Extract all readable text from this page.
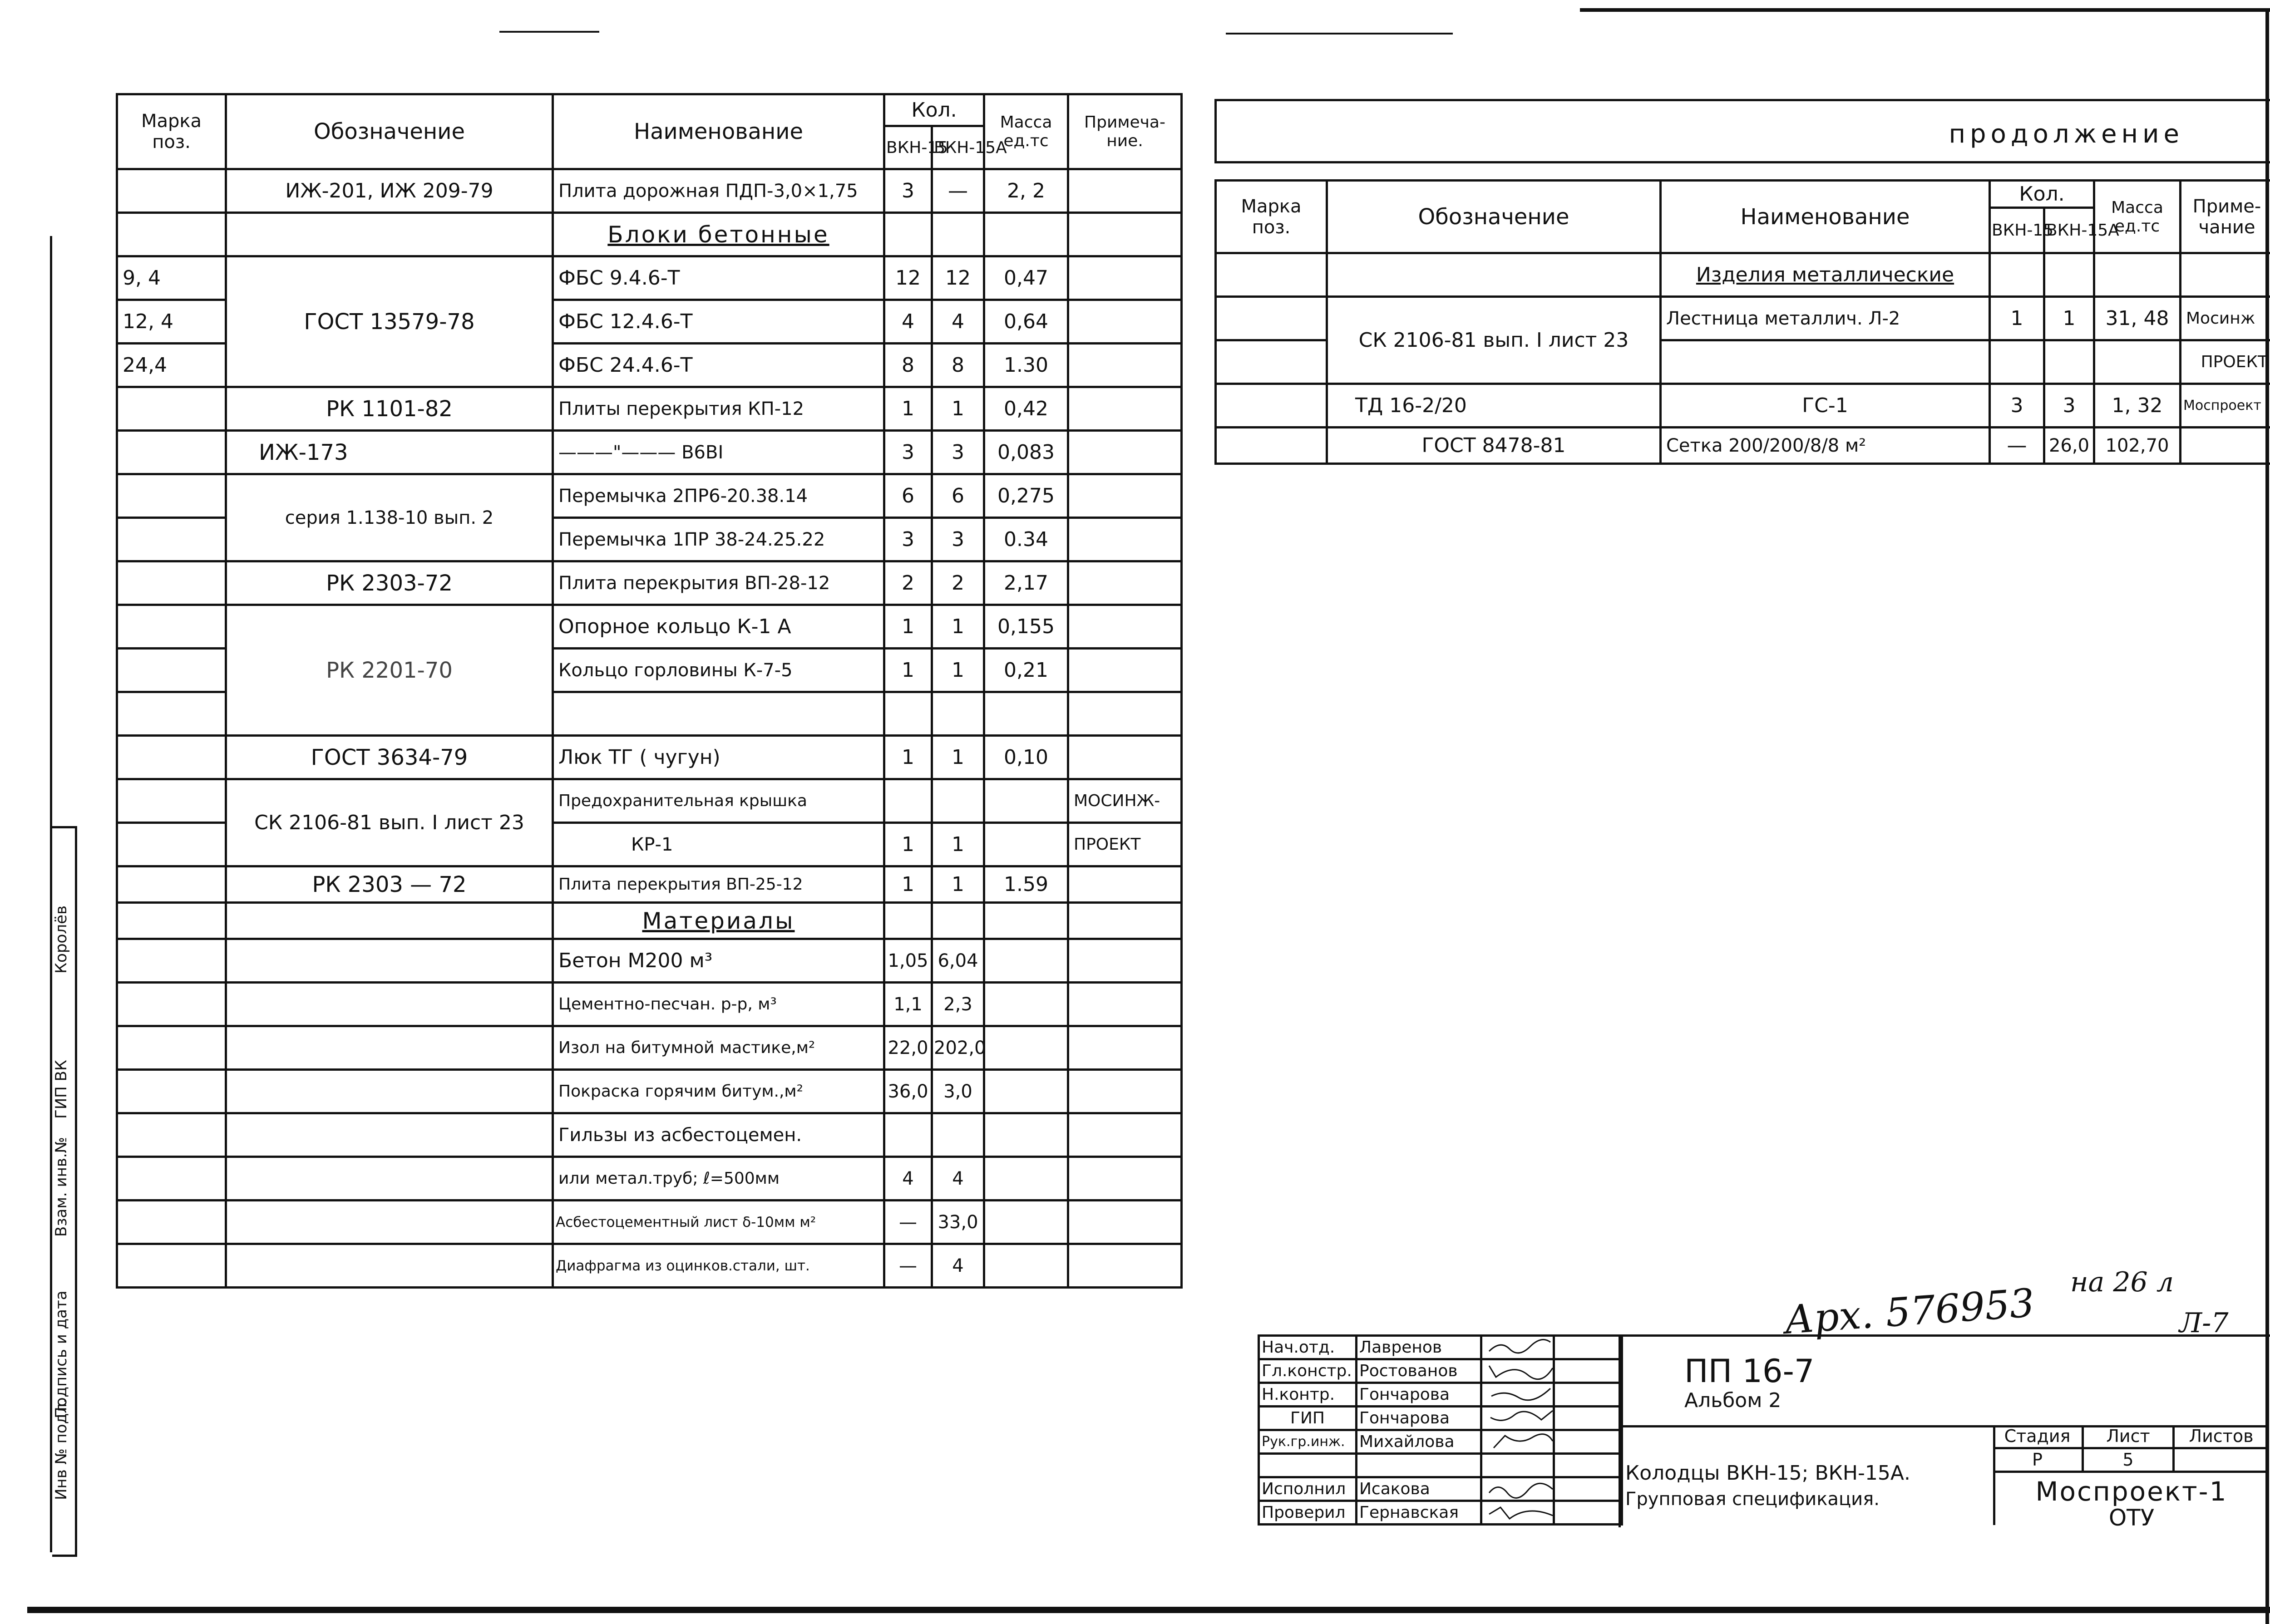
Инв № подл.
Подпись и дата
Взам. инв.№
ГИП ВК
Королёв
Марка поз.	Обозначение	Наименование	Кол.		Масса ед.тс	Примеча-ние.
			ВКН-15	ВКН-15А		
	ИЖ-201, ИЖ 209-79	Плита дорожная ПДП-3,0×1,75	3	—	2, 2	
		Блоки бетонные				
9, 4	ГОСТ 13579-78	ФБС 9.4.6-Т	12	12	0,47	
12, 4		ФБС 12.4.6-Т	4	4	0,64	
24,4		ФБС 24.4.6-Т	8	8	1.30	
	РК 1101-82	Плиты перекрытия КП-12	1	1	0,42	
	ИЖ-173	———"——— В6ВI	3	3	0,083	
	серия 1.138-10 вып. 2	Перемычка 2ПР6-20.38.14	6	6	0,275	
		Перемычка 1ПР 38-24.25.22	3	3	0.34	
	РК 2303-72	Плита перекрытия ВП-28-12	2	2	2,17	
	РК 2201-70	Опорное кольцо К-1 А	1	1	0,155	
		Кольцо горловины К-7-5	1	1	0,21	

	ГОСТ 3634-79	Люк ТГ ( чугун)	1	1	0,10	
	СК 2106-81 вып. I лист 23	Предохранительная крышка				МОСИНЖ-
		КР-1	1	1		ПРОЕКТ
	РК 2303 — 72	Плита перекрытия ВП-25-12	1	1	1.59	
		Материалы				
		Бетон М200 м³	1,05	6,04		
		Цементно-песчан. р-р, м³	1,1	2,3		
		Изол на битумной мастике,м²	22,0	202,0		
		Покраска горячим битум.,м²	36,0	3,0		
		Гильзы из асбестоцемен.				
		или метал.труб; ℓ=500мм	4	4		
		Асбестоцементный лист δ-10мм м²	—	33,0		
		Диафрагма из оцинков.стали, шт.	—	4		
продолжение
Марка поз.	Обозначение	Наименование	Кол.		Масса ед.тс	Приме-чание
			ВКН-15	ВКН-15А		
		Изделия металлические				
	СК 2106-81 вып. I лист 23	Лестница металлич. Л-2	1	1	31, 48	Мосинж
						ПРОЕКТ
	ТД 16-2/20	ГС-1	3	3	1, 32	Моспроект
	ГОСТ 8478-81	Сетка 200/200/8/8 м²	—	26,0	102,70	
Арх. 576953 на 26 л
Л-7
Нач.отд.	Лавренов		
Гл.констр.	Ростованов		
Н.контр.	Гончарова		
ГИП	Гончарова		
Рук.гр.инж.	Михайлова		

Исполнил	Исакова		
Проверил	Гернавская		
ПП 16-7
Альбом 2
Колодцы ВКН-15; ВКН-15А.
Групповая спецификация.
Стадия	Лист	Листов
Р	5
Моспроект-1
ОТУ
